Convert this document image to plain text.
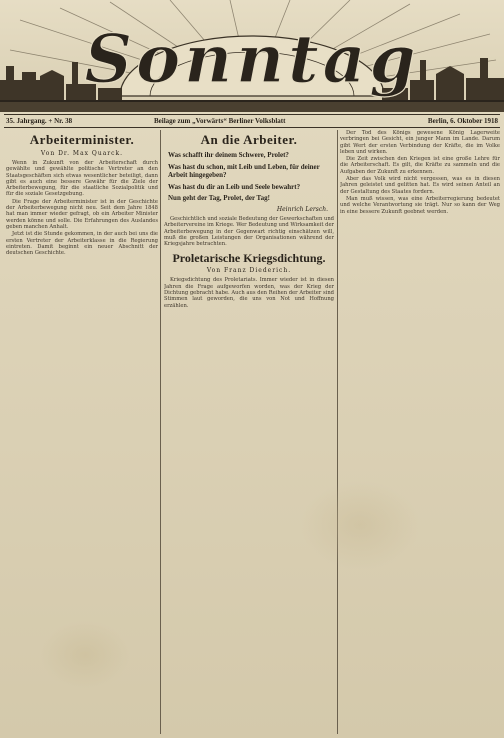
Sonntag
35. Jahrgang. + Nr. 38	Beilage zum „Vorwärts“ Berliner Volksblatt	Berlin, 6. Oktober 1918
Arbeiterminister.
Von Dr. Max Quarck.

Wenn in Zukunft von der Arbeiterschaft durch gewählte und gewählte politische Vertreter an den Staatsgeschäften sich etwas wesentlicher beteiligt, dann gibt es auch eine bessere Gewähr für die Ziele der Arbeiterbewegung, für die staatliche Sozialpolitik und für die soziale Gesetzgebung.

Die Frage der Arbeiterminister ist in der Geschichte der Arbeiterbewegung nicht neu. Seit dem Jahre 1848 hat man immer wieder gefragt, ob ein Arbeiter Minister werden könne und solle. Die Erfahrungen des Auslandes geben manchen Anhalt.

Jetzt ist die Stunde gekommen, in der auch bei uns die ersten Vertreter der Arbeiterklasse in die Regierung eintreten. Damit beginnt ein neuer Abschnitt der deutschen Geschichte.

An die Arbeiter.

Was schafft ihr deinem Schwere, Prolet?

Was hast du schon, mit Leib und Leben, für deiner Arbeit hingegeben?

Was hast du dir an Leib und Seele bewahrt?

Nun geht der Tag, Prolet, der Tag!

Heinrich Lersch.

Geschichtlich und soziale Bedeutung der Gewerkschaften und Arbeitervereine im Kriege. Wer Bedeutung und Wirksamkeit der Arbeiterbewegung in der Gegenwart richtig einschätzen will, muß die großen Leistungen der Organisationen während der Kriegsjahre betrachten.

Proletarische Kriegsdichtung.
Von Franz Diederich.

Kriegsdichtung des Proletariats. Immer wieder ist in diesen Jahren die Frage aufgeworfen worden, was der Krieg der Dichtung gebracht habe. Auch aus den Reihen der Arbeiter sind Stimmen laut geworden, die uns von Not und Hoffnung erzählen.

Der Tod des Königs gewesene König Lagerweite verbringen bei Gesicht, ein junger Mann im Lande. Darum gibt Wert der ersten Verbindung der Kräfte, die im Volke leben und wirken.

Die Zeit zwischen den Kriegen ist eine große Lehre für die Arbeiterschaft. Es gilt, die Kräfte zu sammeln und die Aufgaben der Zukunft zu erkennen.

Aber das Volk wird nicht vergessen, was es in diesen Jahren geleistet und gelitten hat. Es wird seinen Anteil an der Gestaltung des Staates fordern.

Man muß wissen, was eine Arbeiterregierung bedeutet und welche Verantwortung sie trägt. Nur so kann der Weg in eine bessere Zukunft geebnet werden.
